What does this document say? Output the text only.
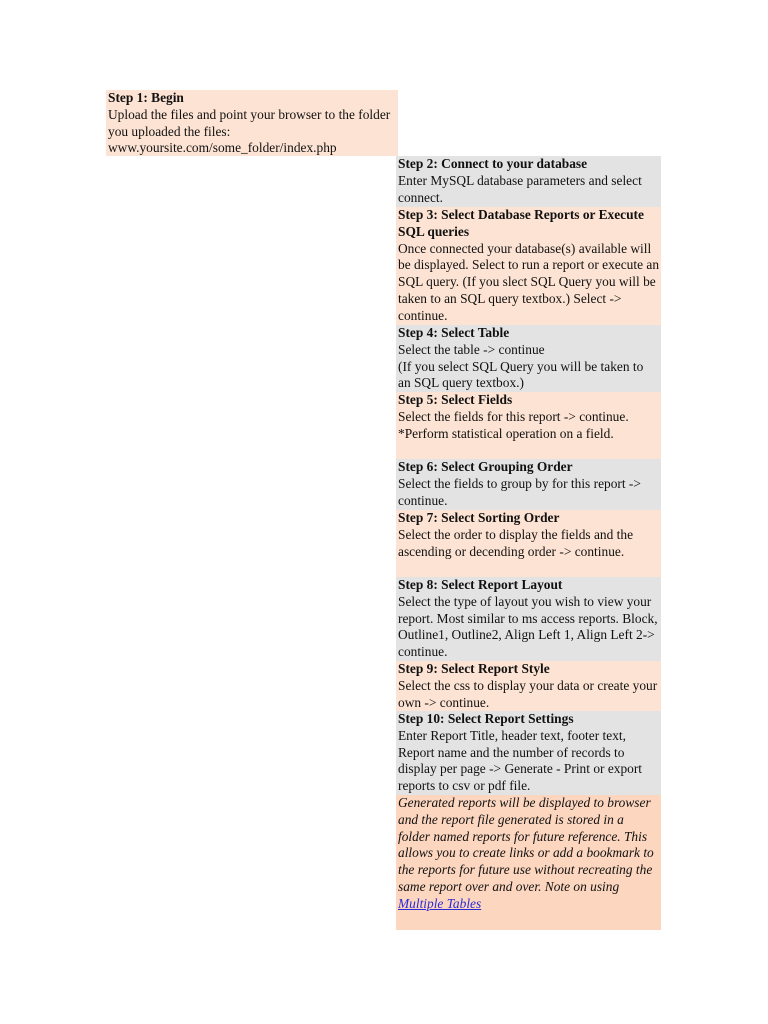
Step 1: Begin
Upload the files and point your browser to the folder you uploaded the files:
www.yoursite.com/some_folder/index.php
Step 2: Connect to your database
Enter MySQL database parameters and select connect.
Step 3: Select Database Reports or Execute SQL queries
Once connected your database(s) available will be displayed. Select to run a report or execute an SQL query. (If you slect SQL Query you will be taken to an SQL query textbox.) Select -> continue.
Step 4: Select Table
Select the table -> continue
(If you select SQL Query you will be taken to an SQL query textbox.)
Step 5: Select Fields
Select the fields for this report -> continue. *Perform statistical operation on a field.
Step 6: Select Grouping Order
Select the fields to group by for this report -> continue.
Step 7: Select Sorting Order
Select the order to display the fields and the ascending or decending order -> continue.
Step 8: Select Report Layout
Select the type of layout you wish to view your report. Most similar to ms access reports. Block, Outline1, Outline2, Align Left 1, Align Left 2-> continue.
Step 9: Select Report Style
Select the css to display your data or create your own -> continue.
Step 10: Select Report Settings
Enter Report Title, header text, footer text, Report name and the number of records to display per page -> Generate - Print or export reports to csv or pdf file.
Generated reports will be displayed to browser and the report file generated is stored in a folder named reports for future reference. This allows you to create links or add a bookmark to the reports for future use without recreating the same report over and over. Note on using Multiple Tables
